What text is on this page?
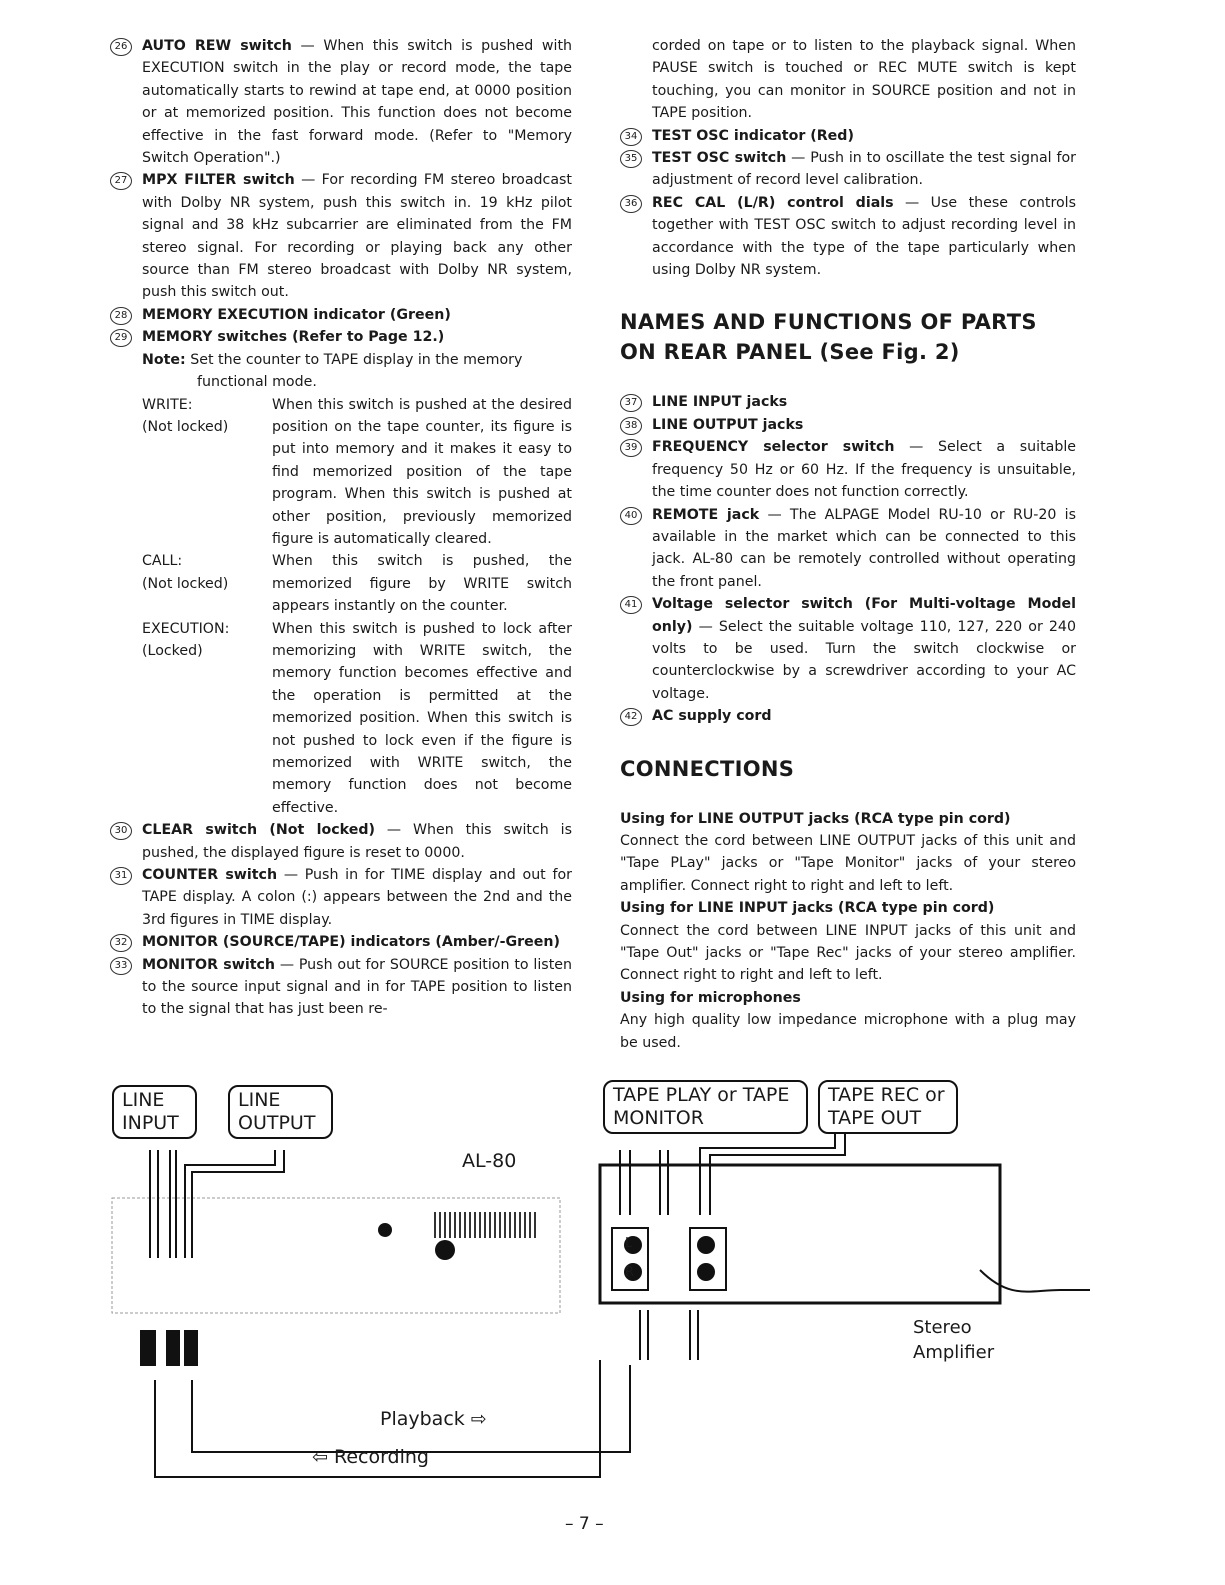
26	AUTO REW switch — When this switch is pushed with EXECUTION switch in the play or record mode, the tape automatically starts to rewind at tape end, at 0000 position or at memorized position. This function does not become effective in the fast forward mode. (Refer to "Memory Switch Operation".)

27	MPX FILTER switch — For recording FM stereo broadcast with Dolby NR system, push this switch in. 19 kHz pilot signal and 38 kHz subcarrier are eliminated from the FM stereo signal. For recording or playing back any other source than FM stereo broadcast with Dolby NR system, push this switch out.

28	MEMORY EXECUTION indicator (Green)

29	MEMORY switches (Refer to Page 12.)

Note: Set the counter to TAPE display in the memory
functional mode.

WRITE:
(Not locked)
When this switch is pushed at the desired position on the tape counter, its figure is put into memory and it makes it easy to find memorized position of the tape program. When this switch is pushed at other position, previously memorized figure is automatically cleared.
CALL:
(Not locked)
When this switch is pushed, the memorized figure by WRITE switch appears instantly on the counter.
EXECUTION:
(Locked)
When this switch is pushed to lock after memorizing with WRITE switch, the memory function becomes effective and the operation is permitted at the memorized position. When this switch is not pushed to lock even if the figure is memorized with WRITE switch, the memory function does not become effective.

30	CLEAR switch (Not locked) — When this switch is pushed, the displayed figure is reset to 0000.

31	COUNTER switch — Push in for TIME display and out for TAPE display. A colon (:) appears between the 2nd and the 3rd figures in TIME display.

32	MONITOR (SOURCE/TAPE) indicators (Amber/-Green)

33	MONITOR switch — Push out for SOURCE position to listen to the source input signal and in for TAPE position to listen to the signal that has just been re-

corded on tape or to listen to the playback signal. When PAUSE switch is touched or REC MUTE switch is kept touching, you can monitor in SOURCE position and not in TAPE position.

34	TEST OSC indicator (Red)

35	TEST OSC switch — Push in to oscillate the test signal for adjustment of record level calibration.

36	REC CAL (L/R) control dials — Use these controls together with TEST OSC switch to adjust recording level in accordance with the type of the tape particularly when using Dolby NR system.

NAMES AND FUNCTIONS OF PARTS ON REAR PANEL (See Fig. 2)

37	LINE INPUT jacks

38	LINE OUTPUT jacks

39	FREQUENCY selector switch — Select a suitable frequency 50 Hz or 60 Hz. If the frequency is unsuitable, the time counter does not function correctly.

40	REMOTE jack — The ALPAGE Model RU-10 or RU-20 is available in the market which can be connected to this jack. AL-80 can be remotely controlled without operating the front panel.

41	Voltage selector switch (For Multi-voltage Model only) — Select the suitable voltage 110, 127, 220 or 240 volts to be used. Turn the switch clockwise or counterclockwise by a screwdriver according to your AC voltage.

42	AC supply cord

CONNECTIONS

Using for LINE OUTPUT jacks (RCA type pin cord)

Connect the cord between LINE OUTPUT jacks of this unit and "Tape PLay" jacks or "Tape Monitor" jacks of your stereo amplifier. Connect right to right and left to left.

Using for LINE INPUT jacks (RCA type pin cord)

Connect the cord between LINE INPUT jacks of this unit and "Tape Out" jacks or "Tape Rec" jacks of your stereo amplifier. Connect right to right and left to left.

Using for microphones

Any high quality low impedance microphone with a plug may be used.

LINE INPUT
LINE OUTPUT
AL-80
TAPE PLAY or TAPE MONITOR
TAPE REC or TAPE OUT
L
R
Stereo Amplifier
Playback ⇨
⇦ Recording
– 7 –
